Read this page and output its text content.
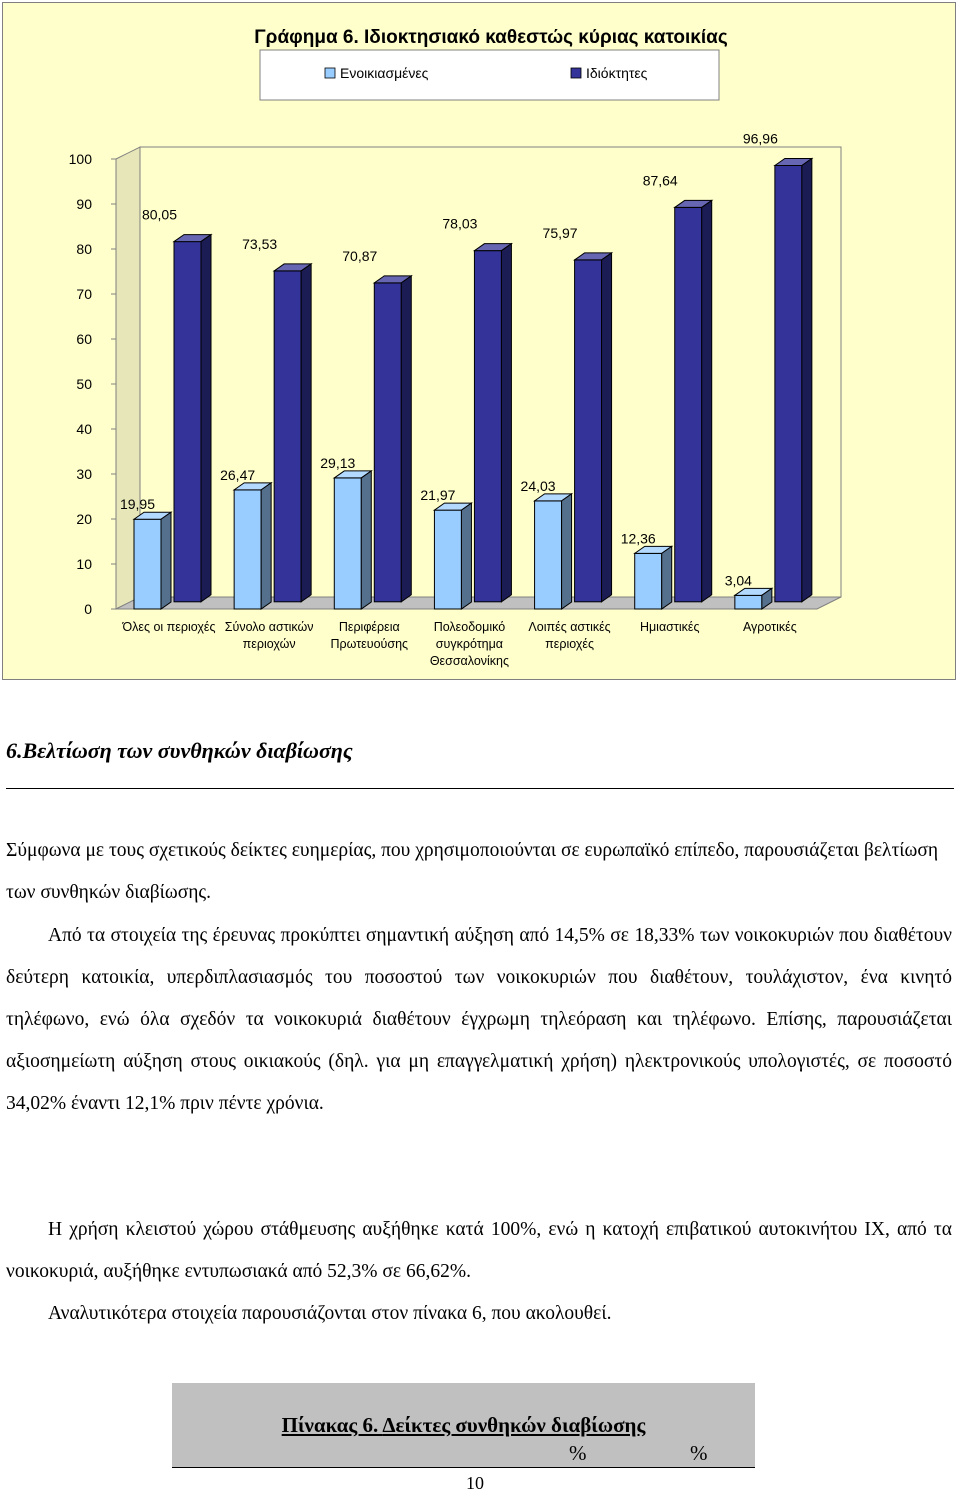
Γράφημα 6. Ιδιοκτησιακό καθεστώς κύριας κατοικίας
Ενοικιασμένες	Ιδιόκτητες
0
10
20
30
40
50
60
70
80
90
100
19,95
80,05
Όλες οι περιοχές
26,47
73,53
Σύνολο αστικών
περιοχών
29,13
70,87
Περιφέρεια
Πρωτευούσης
21,97
78,03
Πολεοδομικό
συγκρότημα
Θεσσαλονίκης
24,03
75,97
Λοιπές αστικές
περιοχές
12,36
87,64
Ημιαστικές
3,04
96,96
Αγροτικές
6.Βελτίωση των συνθηκών διαβίωσης

Σύμφωνα με τους σχετικούς δείκτες ευημερίας, που χρησιμοποιούνται σε ευρωπαϊκό επίπεδο, παρουσιάζεται βελτίωση των συνθηκών διαβίωσης.

Από τα στοιχεία της έρευνας προκύπτει σημαντική αύξηση από 14,5% σε 18,33% των νοικοκυριών που διαθέτουν δεύτερη κατοικία, υπερδιπλασιασμός του ποσοστού των νοικοκυριών που διαθέτουν, τουλάχιστον, ένα κινητό τηλέφωνο, ενώ όλα σχεδόν τα νοικοκυριά διαθέτουν έγχρωμη τηλεόραση και τηλέφωνο. Επίσης, παρουσιάζεται αξιοσημείωτη αύξηση στους οικιακούς (δηλ. για μη επαγγελματική χρήση) ηλεκτρονικούς υπολογιστές, σε ποσοστό 34,02% έναντι 12,1% πριν πέντε χρόνια.

Η χρήση κλειστού χώρου στάθμευσης αυξήθηκε κατά 100%, ενώ η κατοχή επιβατικού αυτοκινήτου ΙΧ, από τα νοικοκυριά, αυξήθηκε εντυπωσιακά από 52,3% σε 66,62%.

Αναλυτικότερα στοιχεία παρουσιάζονται στον πίνακα 6, που ακολουθεί.

Πίνακας 6. Δείκτες συνθηκών διαβίωσης
%	%
10
